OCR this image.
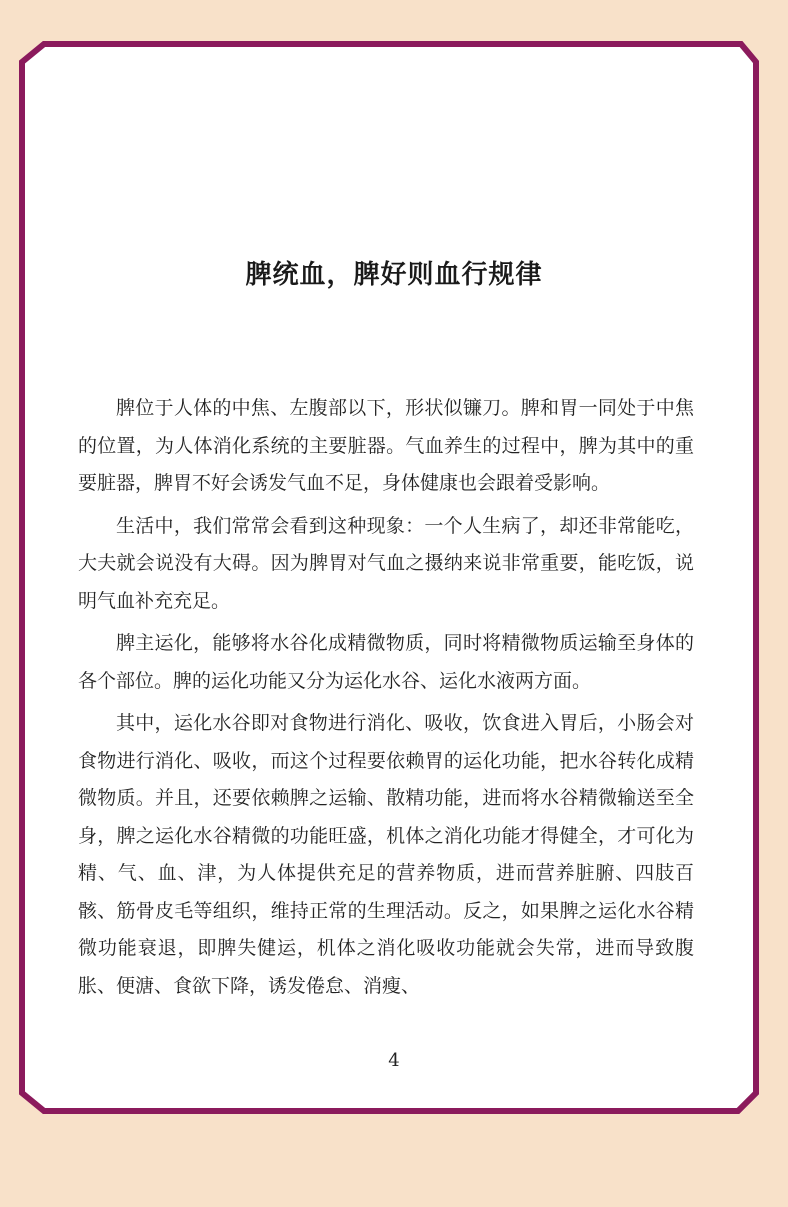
脾统血，脾好则血行规律

脾位于人体的中焦、左腹部以下，形状似镰刀。脾和胃一同处于中焦的位置，为人体消化系统的主要脏器。气血养生的过程中，脾为其中的重要脏器，脾胃不好会诱发气血不足，身体健康也会跟着受影响。

生活中，我们常常会看到这种现象：一个人生病了，却还非常能吃，大夫就会说没有大碍。因为脾胃对气血之摄纳来说非常重要，能吃饭，说明气血补充充足。

脾主运化，能够将水谷化成精微物质，同时将精微物质运输至身体的各个部位。脾的运化功能又分为运化水谷、运化水液两方面。

其中，运化水谷即对食物进行消化、吸收，饮食进入胃后，小肠会对食物进行消化、吸收，而这个过程要依赖胃的运化功能，把水谷转化成精微物质。并且，还要依赖脾之运输、散精功能，进而将水谷精微输送至全身，脾之运化水谷精微的功能旺盛，机体之消化功能才得健全，才可化为精、气、血、津，为人体提供充足的营养物质，进而营养脏腑、四肢百骸、筋骨皮毛等组织，维持正常的生理活动。反之，如果脾之运化水谷精微功能衰退，即脾失健运，机体之消化吸收功能就会失常，进而导致腹胀、便溏、食欲下降，诱发倦怠、消瘦、

4
